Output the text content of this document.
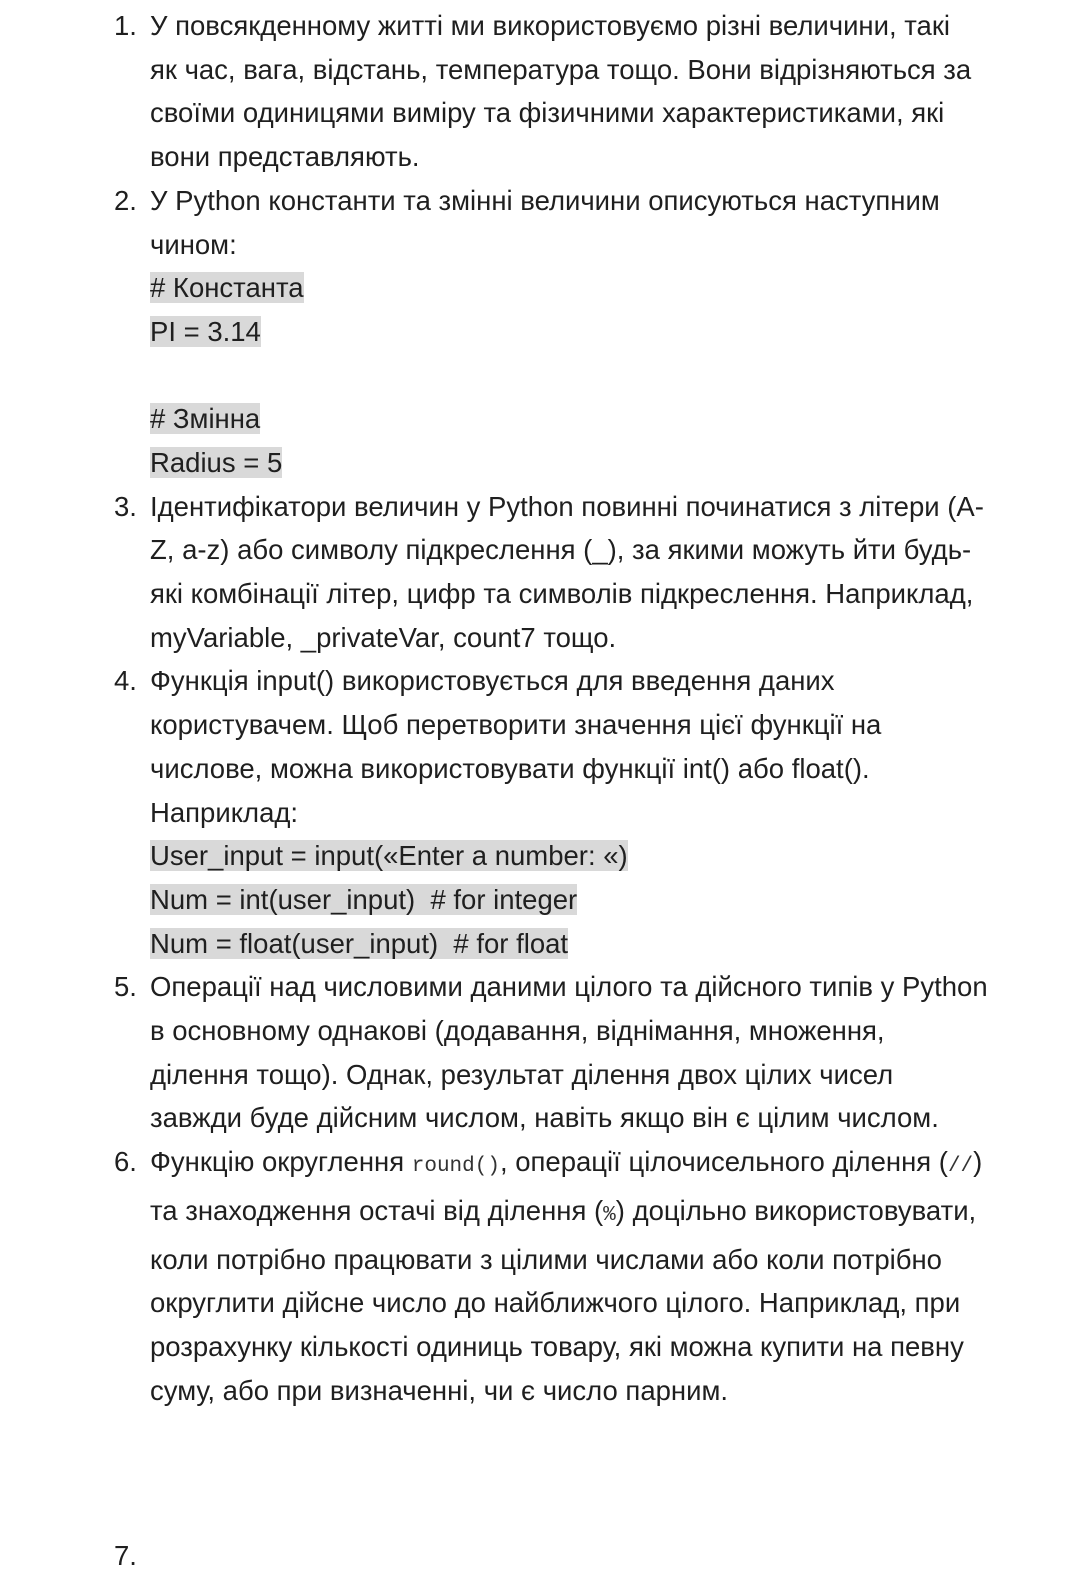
1. У повсякденному житті ми використовуємо різні величини, такі як час, вага, відстань, температура тощо. Вони відрізняються за своїми одиницями виміру та фізичними характеристиками, які вони представляють.
2. У Python константи та змінні величини описуються наступним чином:
# Константа
PI = 3.14
# Змінна
Radius = 5
3. Ідентифікатори величин у Python повинні починатися з літери (A-Z, a-z) або символу підкреслення (_), за якими можуть йти будь-які комбінації літер, цифр та символів підкреслення. Наприклад, myVariable, _privateVar, count7 тощо.
4. Функція input() використовується для введення даних користувачем. Щоб перетворити значення цієї функції на числове, можна використовувати функції int() або float(). Наприклад:
User_input = input(«Enter a number: «)
Num = int(user_input)  # for integer
Num = float(user_input)  # for float
5. Операції над числовими даними цілого та дійсного типів у Python в основному однакові (додавання, віднімання, множення, ділення тощо). Однак, результат ділення двох цілих чисел завжди буде дійсним числом, навіть якщо він є цілим числом.
6. Функцію округлення round(), операції цілочисельного ділення (//) та знаходження остачі від ділення (%) доцільно використовувати, коли потрібно працювати з цілими числами або коли потрібно округлити дійсне число до найближчого цілого. Наприклад, при розрахунку кількості одиниць товару, які можна купити на певну суму, або при визначенні, чи є число парним.
7.
